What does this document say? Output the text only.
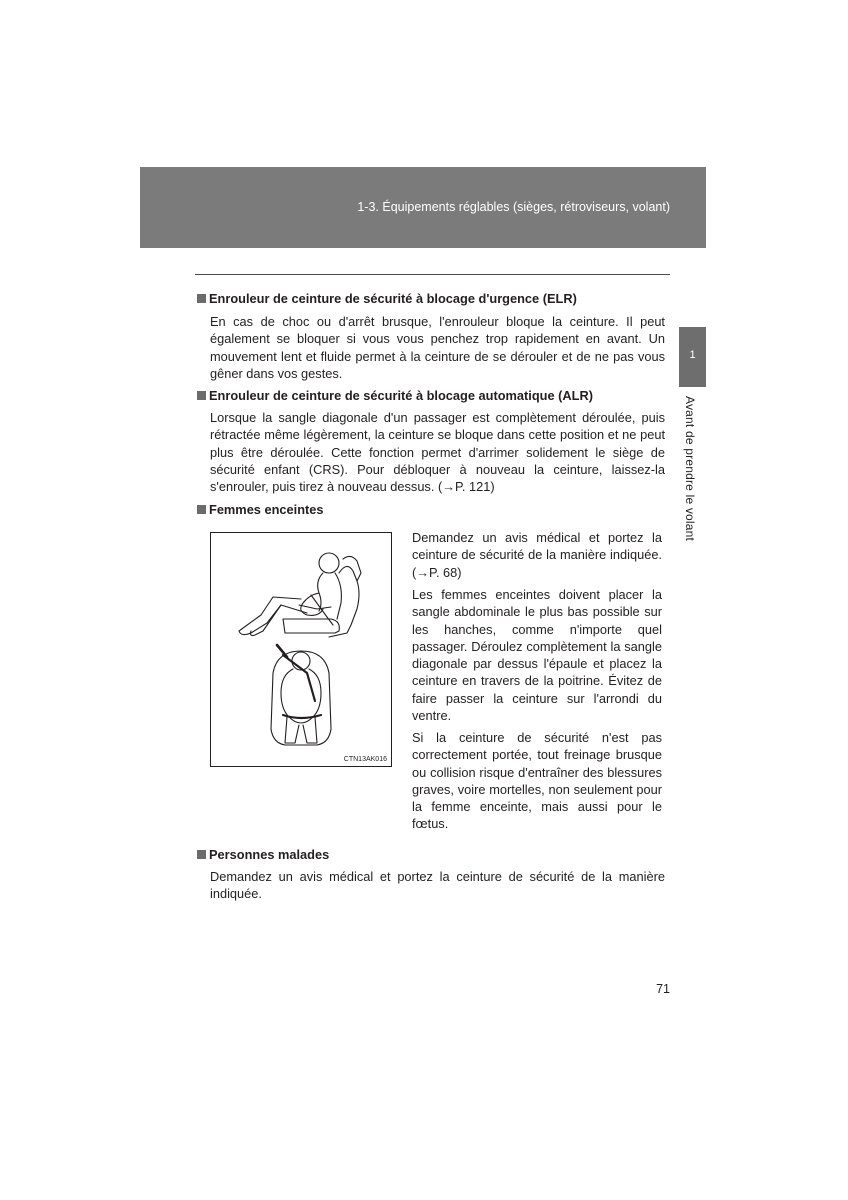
1-3. Équipements réglables (sièges, rétroviseurs, volant)
1
Avant de prendre le volant
Enrouleur de ceinture de sécurité à blocage d'urgence (ELR)

En cas de choc ou d'arrêt brusque, l'enrouleur bloque la ceinture. Il peut également se bloquer si vous vous penchez trop rapidement en avant. Un mouvement lent et fluide permet à la ceinture de se dérouler et de ne pas vous gêner dans vos gestes.

Enrouleur de ceinture de sécurité à blocage automatique (ALR)

Lorsque la sangle diagonale d'un passager est complètement déroulée, puis rétractée même légèrement, la ceinture se bloque dans cette position et ne peut plus être déroulée. Cette fonction permet d'arrimer solidement le siège de sécurité enfant (CRS). Pour débloquer à nouveau la ceinture, laissez-la s'enrouler, puis tirez à nouveau dessus. (→P. 121)

Femmes enceintes
CTN13AK016

Demandez un avis médical et portez la ceinture de sécurité de la manière indiquée. (→P. 68)

Les femmes enceintes doivent placer la sangle abdominale le plus bas possible sur les hanches, comme n'importe quel passager. Déroulez complètement la sangle diagonale par dessus l'épaule et placez la ceinture en travers de la poitrine. Évitez de faire passer la ceinture sur l'arrondi du ventre.

Si la ceinture de sécurité n'est pas correctement portée, tout freinage brusque ou collision risque d'entraîner des blessures graves, voire mortelles, non seulement pour la femme enceinte, mais aussi pour le fœtus.

Personnes malades

Demandez un avis médical et portez la ceinture de sécurité de la manière indiquée.

71
